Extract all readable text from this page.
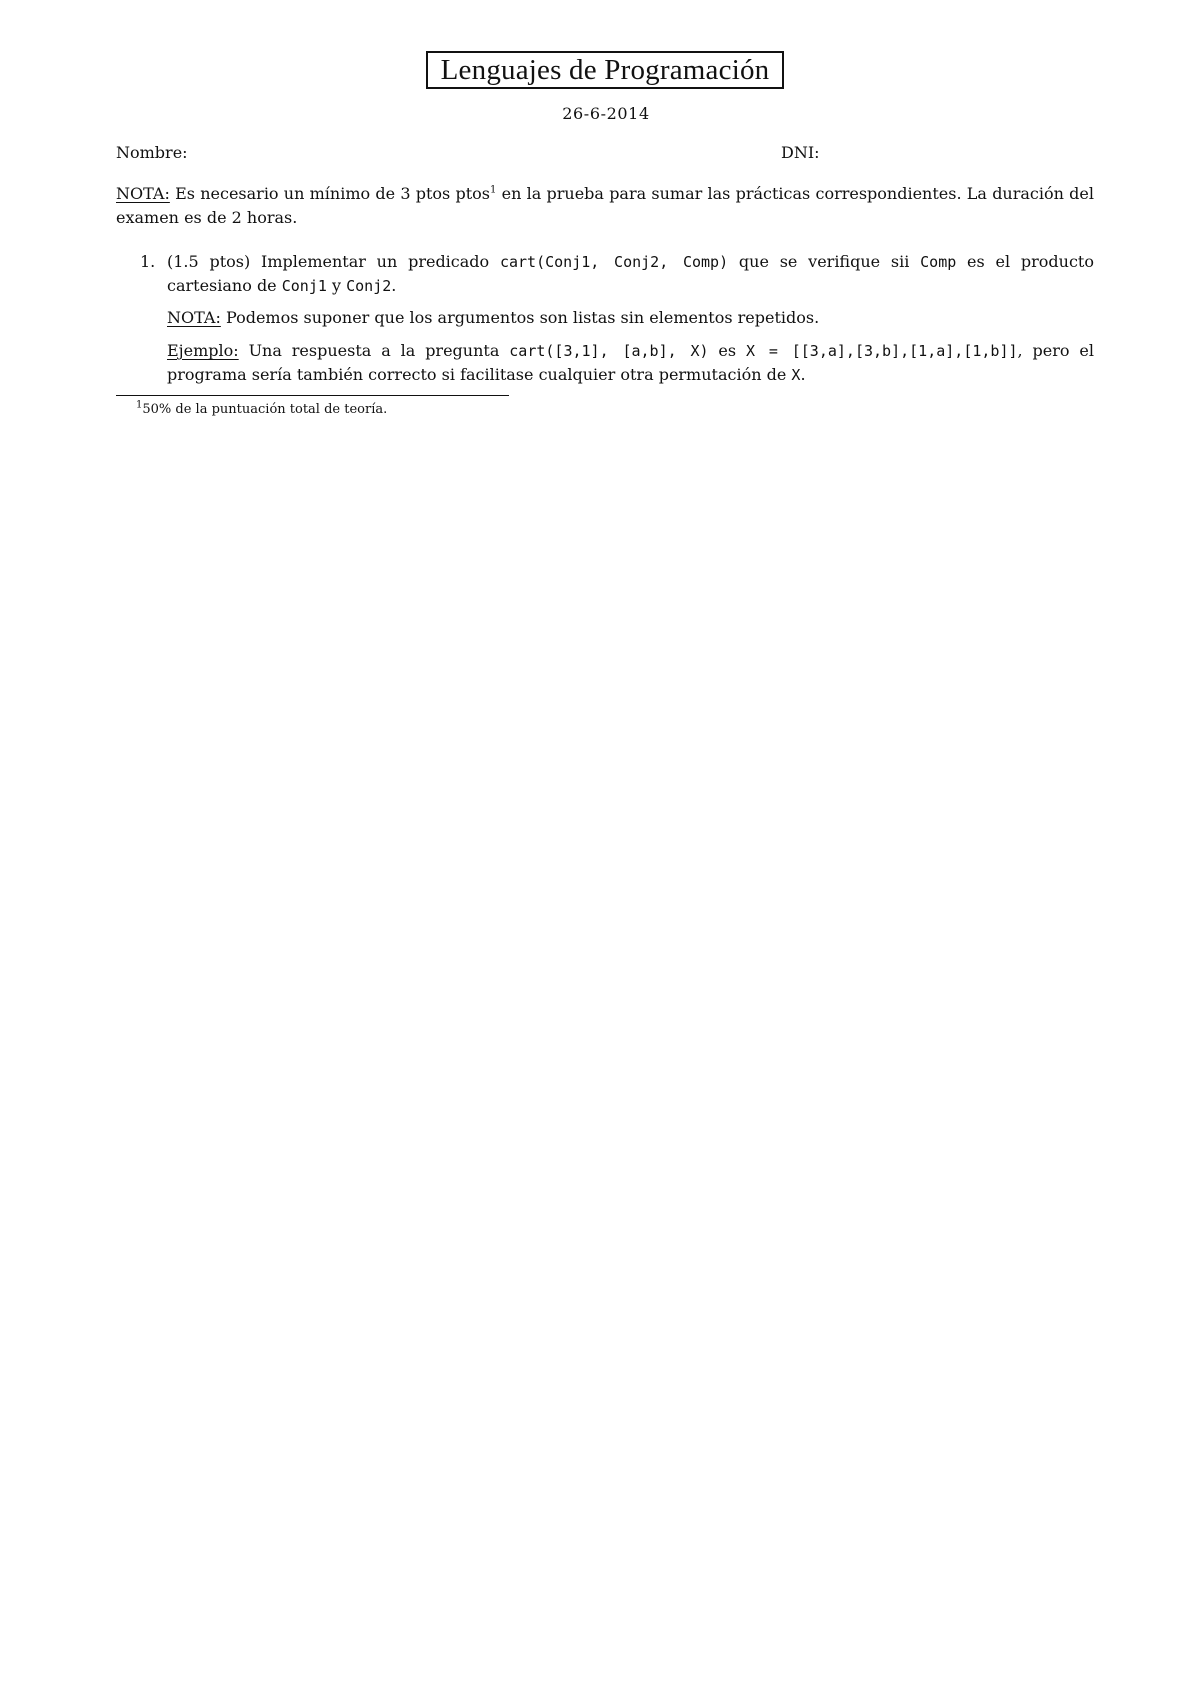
Lenguajes de Programación
26-6-2014
Nombre:	DNI:
NOTA: Es necesario un mínimo de 3 ptos ptos$^1$ en la prueba para sumar las prácticas correspondientes. La duración del examen es de 2 horas.
1. (1.5 ptos) Implementar un predicado cart(Conj1, Conj2, Comp) que se verifique sii Comp es el producto cartesiano de Conj1 y Conj2.
NOTA: Podemos suponer que los argumentos son listas sin elementos repetidos.
Ejemplo: Una respuesta a la pregunta cart([3,1], [a,b], X) es X = [[3,a],[3,b],[1,a],[1,b]], pero el programa sería también correcto si facilitase cualquier otra permutación de X.
$^1$50% de la puntuación total de teoría.
